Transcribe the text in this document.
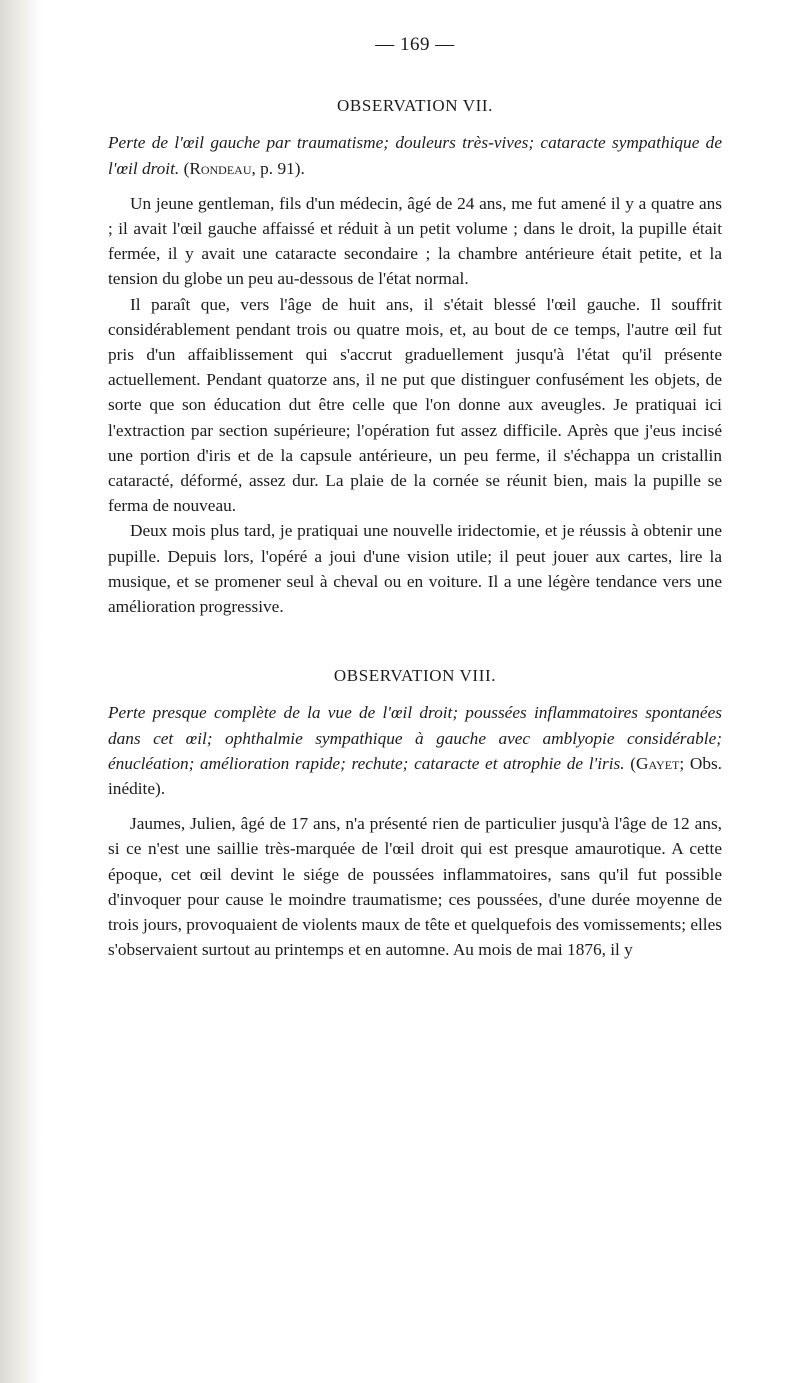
— 169 —
OBSERVATION VII.
Perte de l'œil gauche par traumatisme; douleurs très-vives; cataracte sympathique de l'œil droit. (Rondeau, p. 91).

Un jeune gentleman, fils d'un médecin, âgé de 24 ans, me fut amené il y a quatre ans ; il avait l'œil gauche affaissé et réduit à un petit volume ; dans le droit, la pupille était fermée, il y avait une cataracte secondaire ; la chambre antérieure était petite, et la tension du globe un peu au-dessous de l'état normal.

Il paraît que, vers l'âge de huit ans, il s'était blessé l'œil gauche. Il souffrit considérablement pendant trois ou quatre mois, et, au bout de ce temps, l'autre œil fut pris d'un affaiblissement qui s'accrut graduellement jusqu'à l'état qu'il présente actuellement. Pendant quatorze ans, il ne put que distinguer confusément les objets, de sorte que son éducation dut être celle que l'on donne aux aveugles. Je pratiquai ici l'extraction par section supérieure; l'opération fut assez difficile. Après que j'eus incisé une portion d'iris et de la capsule antérieure, un peu ferme, il s'échappa un cristallin cataracté, déformé, assez dur. La plaie de la cornée se réunit bien, mais la pupille se ferma de nouveau.

Deux mois plus tard, je pratiquai une nouvelle iridectomie, et je réussis à obtenir une pupille. Depuis lors, l'opéré a joui d'une vision utile; il peut jouer aux cartes, lire la musique, et se promener seul à cheval ou en voiture. Il a une légère tendance vers une amélioration progressive.

OBSERVATION VIII.
Perte presque complète de la vue de l'œil droit; poussées inflammatoires spontanées dans cet œil; ophthalmie sympathique à gauche avec amblyopie considérable; énucléation; amélioration rapide; rechute; cataracte et atrophie de l'iris. (Gayet; Obs. inédite).

Jaumes, Julien, âgé de 17 ans, n'a présenté rien de particulier jusqu'à l'âge de 12 ans, si ce n'est une saillie très-marquée de l'œil droit qui est presque amaurotique. A cette époque, cet œil devint le siége de poussées inflammatoires, sans qu'il fut possible d'invoquer pour cause le moindre traumatisme; ces poussées, d'une durée moyenne de trois jours, provoquaient de violents maux de tête et quelquefois des vomissements; elles s'observaient surtout au printemps et en automne. Au mois de mai 1876, il y
